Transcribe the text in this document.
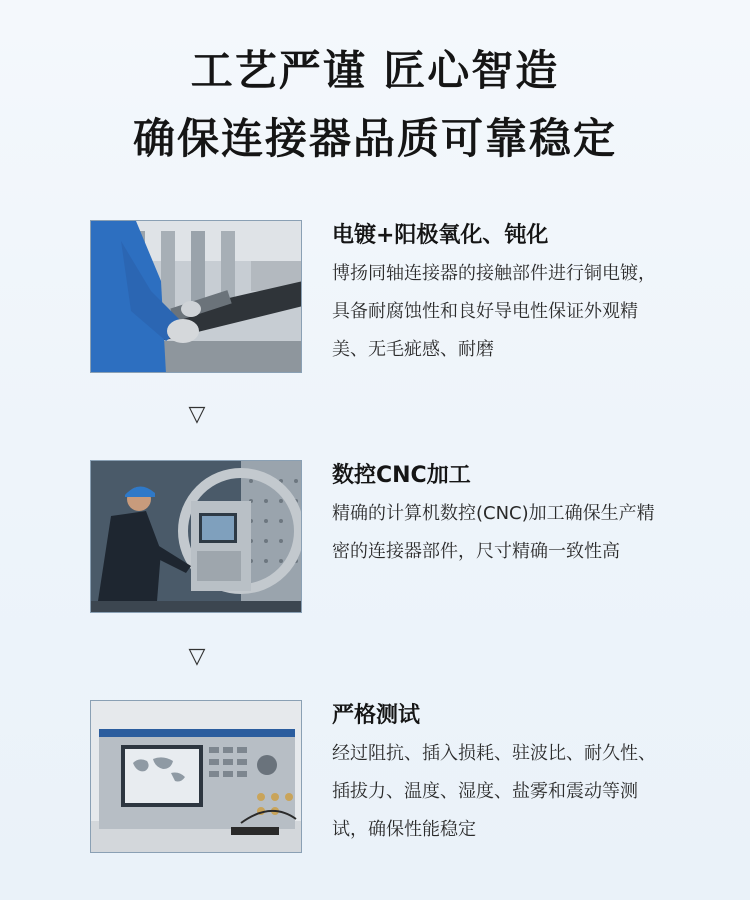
工艺严谨 匠心智造
确保连接器品质可靠稳定

电镀+阳极氧化、钝化

博扬同轴连接器的接触部件进行铜电镀，具备耐腐蚀性和良好导电性保证外观精美、无毛疵感、耐磨

▽

数控CNC加工

精确的计算机数控(CNC)加工确保生产精密的连接器部件，尺寸精确一致性高

▽

严格测试

经过阻抗、插入损耗、驻波比、耐久性、插拔力、温度、湿度、盐雾和震动等测试，确保性能稳定
